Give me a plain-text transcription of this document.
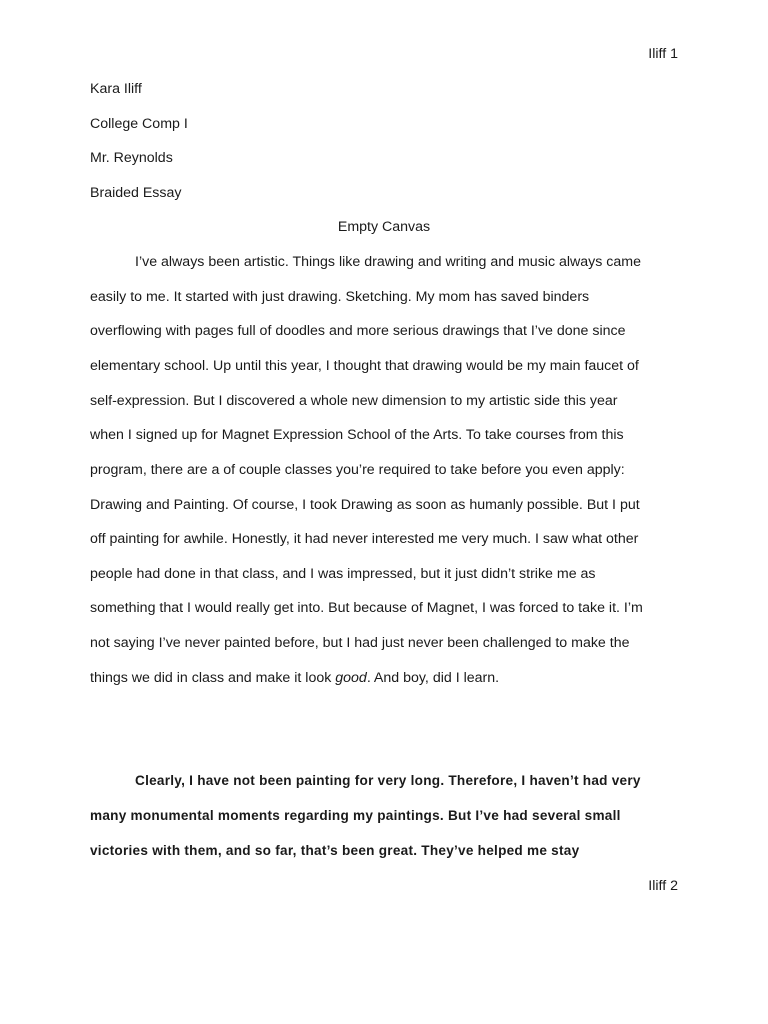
Iliff 1
Kara Iliff
College Comp I
Mr. Reynolds
Braided Essay
Empty Canvas
I’ve always been artistic. Things like drawing and writing and music always came
easily to me. It started with just drawing. Sketching. My mom has saved binders
overflowing with pages full of doodles and more serious drawings that I’ve done since
elementary school. Up until this year, I thought that drawing would be my main faucet of
self-expression. But I discovered a whole new dimension to my artistic side this year
when I signed up for Magnet Expression School of the Arts. To take courses from this
program, there are a of couple classes you’re required to take before you even apply:
Drawing and Painting. Of course, I took Drawing as soon as humanly possible. But I put
off painting for awhile. Honestly, it had never interested me very much. I saw what other
people had done in that class, and I was impressed, but it just didn’t strike me as
something that I would really get into. But because of Magnet, I was forced to take it. I’m
not saying I’ve never painted before, but I had just never been challenged to make the
things we did in class and make it look good. And boy, did I learn.
Clearly, I have not been painting for very long. Therefore, I haven’t had very
many monumental moments regarding my paintings. But I’ve had several small
victories with them, and so far, that’s been great. They’ve helped me stay
Iliff 2
